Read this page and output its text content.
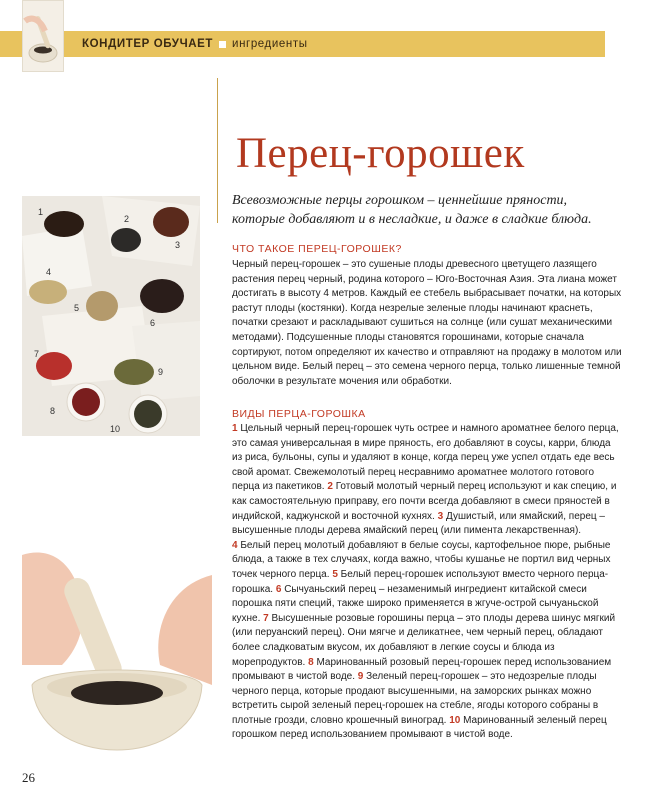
КОНДИТЕР ОБУЧАЕТ ингредиенты
Перец-горошек
Всевозможные перцы горошком – ценнейшие пряности, которые добавляют и в несладкие, и даже в сладкие блюда.
1
2
3
4
5
6
7
8
9
10
ЧТО ТАКОЕ ПЕРЕЦ-ГОРОШЕК?
Черный перец-горошек – это сушеные плоды древесного цветущего лазящего растения перец черный, родина которого – Юго-Восточная Азия. Эта лиана может достигать в высоту 4 метров. Каждый ее стебель выбрасывает початки, на которых растут плоды (костянки). Когда незрелые зеленые плоды начинают краснеть, початки срезают и раскладывают сушиться на солнце (или сушат механическими методами). Подсушенные плоды становятся горошинами, которые сначала сортируют, потом определяют их качество и отправляют на продажу в молотом или цельном виде. Белый перец – это семена черного перца, только лишенные темной оболочки в результате мочения или обработки.
ВИДЫ ПЕРЦА-ГОРОШКА
1 Цельный черный перец-горошек чуть острее и намного ароматнее белого перца, это самая универсальная в мире пряность, его добавляют в соусы, карри, блюда из риса, бульоны, супы и удаляют в конце, когда перец уже успел отдать еде весь свой аромат. Свежемолотый перец несравнимо ароматнее молотого готового перца из пакетиков. 2 Готовый молотый черный перец используют и как специю, и как самостоятельную приправу, его почти всегда добавляют в смеси пряностей в индийской, каджунской и восточной кухнях. 3 Душистый, или ямайский, перец – высушенные плоды дерева ямайский перец (или пимента лекарственная).
4 Белый перец молотый добавляют в белые соусы, картофельное пюре, рыбные блюда, а также в тех случаях, когда важно, чтобы кушанье не портил вид черных точек черного перца. 5 Белый перец-горошек используют вместо черного перца-горошка. 6 Сычуаньский перец – незаменимый ингредиент китайской смеси порошка пяти специй, также широко применяется в жгуче-острой сычуаньской кухне. 7 Высушенные розовые горошины перца – это плоды дерева шинус мягкий (или перуанский перец). Они мягче и деликатнее, чем черный перец, обладают более сладковатым вкусом, их добавляют в легкие соусы и блюда из морепродуктов. 8 Маринованный розовый перец-горошек перед использованием промывают в чистой воде. 9 Зеленый перец-горошек – это недозрелые плоды черного перца, которые продают высушенными, на заморских рынках можно встретить сырой зеленый перец-горошек на стебле, ягоды которого собраны в плотные грозди, словно крошечный виноград. 10 Маринованный зеленый перец горошком перед использованием промывают в чистой воде.
26
